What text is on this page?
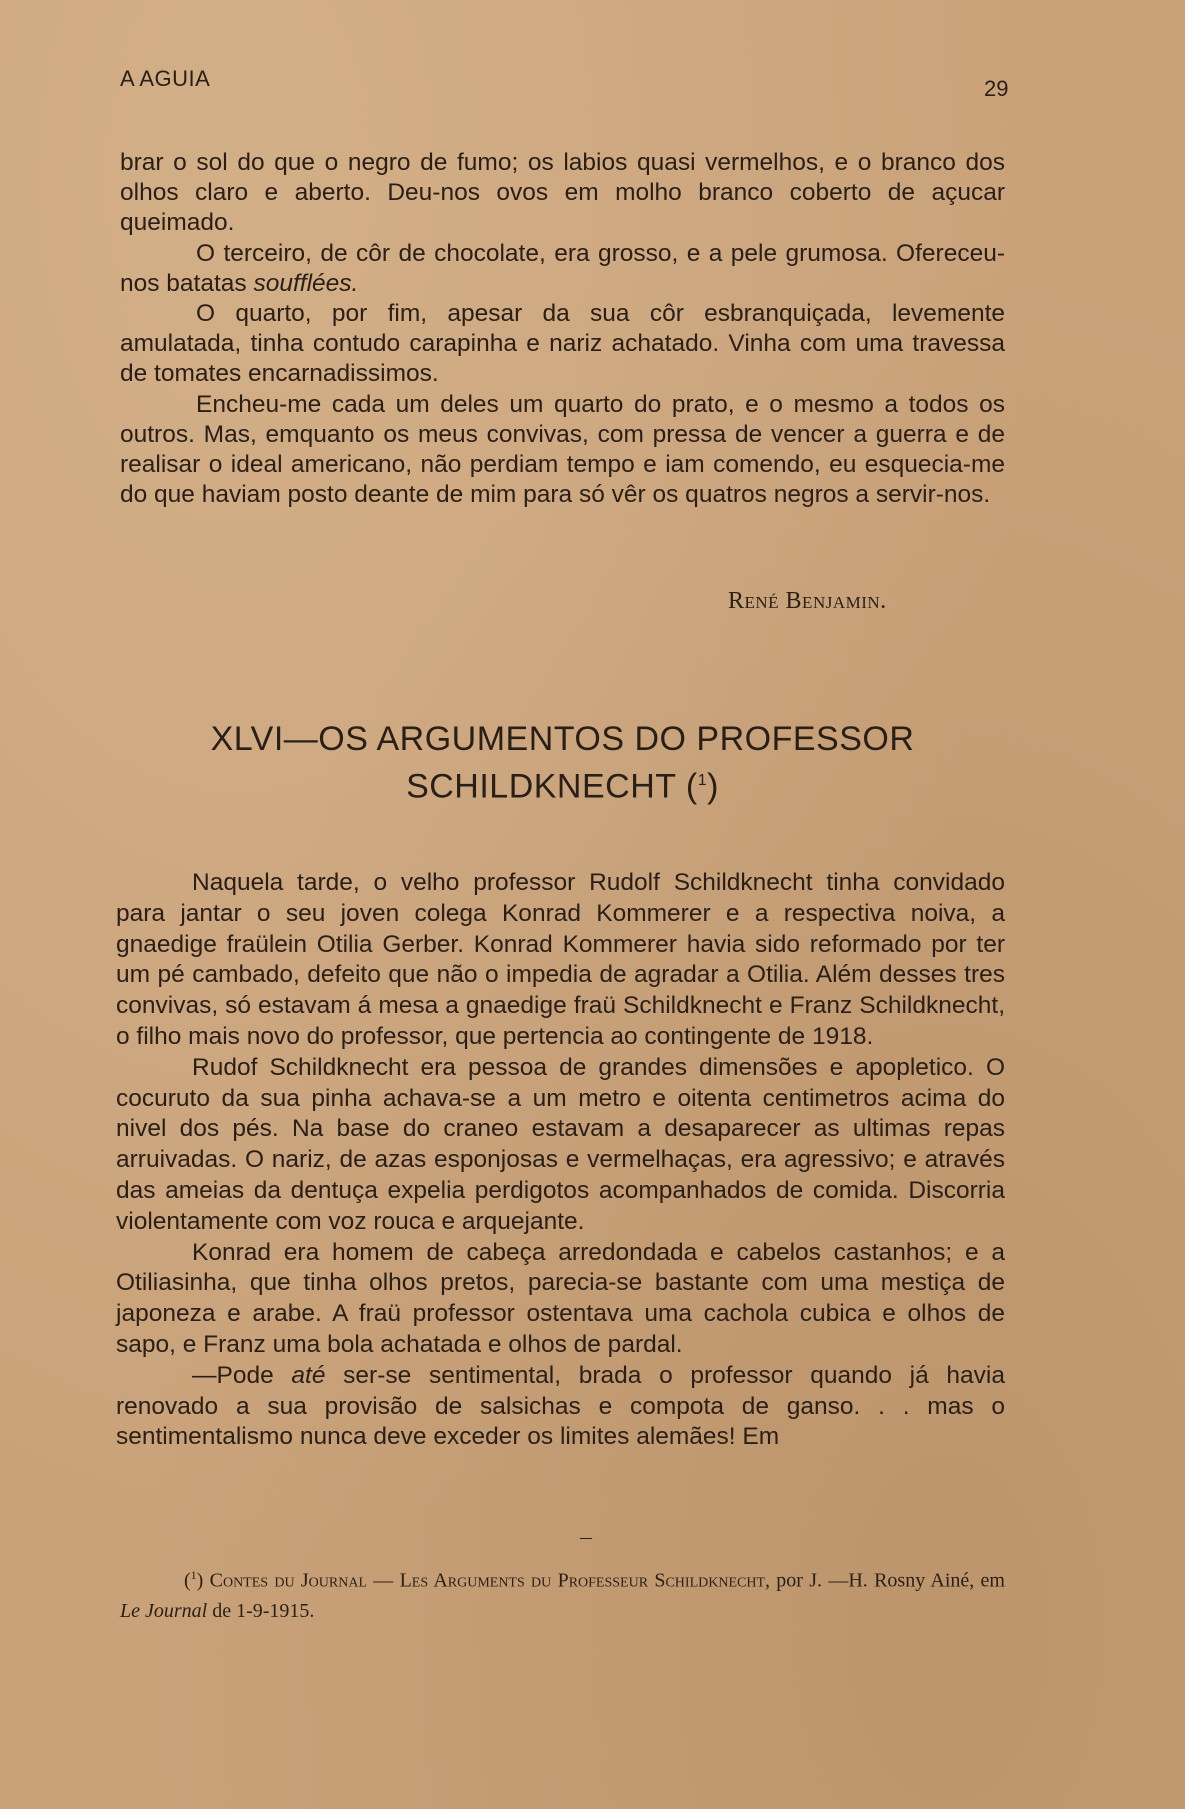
A AGUIA	29

brar o sol do que o negro de fumo; os labios quasi vermelhos, e o branco dos olhos claro e aberto. Deu-nos ovos em molho branco coberto de açucar queimado.

O terceiro, de côr de chocolate, era grosso, e a pele grumosa. Ofereceu-nos batatas soufflées.

O quarto, por fim, apesar da sua côr esbranquiçada, levemente amulatada, tinha contudo carapinha e nariz achatado. Vinha com uma travessa de tomates encarnadissimos.

Encheu-me cada um deles um quarto do prato, e o mesmo a todos os outros. Mas, emquanto os meus convivas, com pressa de vencer a guerra e de realisar o ideal americano, não perdiam tempo e iam comendo, eu esquecia-me do que haviam posto deante de mim para só vêr os quatros negros a servir-nos.

René Benjamin.
XLVI—OS ARGUMENTOS DO PROFESSOR
SCHILDKNECHT ($^1$)

Naquela tarde, o velho professor Rudolf Schildknecht tinha convidado para jantar o seu joven colega Konrad Kommerer e a respectiva noiva, a gnaedige fraülein Otilia Gerber. Konrad Kommerer havia sido reformado por ter um pé cambado, defeito que não o impedia de agradar a Otilia. Além desses tres convivas, só estavam á mesa a gnaedige fraü Schildknecht e Franz Schildknecht, o filho mais novo do professor, que pertencia ao contingente de 1918.

Rudof Schildknecht era pessoa de grandes dimensões e apopletico. O cocuruto da sua pinha achava-se a um metro e oitenta centimetros acima do nivel dos pés. Na base do craneo estavam a desaparecer as ultimas repas arruivadas. O nariz, de azas esponjosas e vermelhaças, era agressivo; e através das ameias da dentuça expelia perdigotos acompanhados de comida. Discorria violentamente com voz rouca e arquejante.

Konrad era homem de cabeça arredondada e cabelos castanhos; e a Otiliasinha, que tinha olhos pretos, parecia-se bastante com uma mestiça de japoneza e arabe. A fraü professor ostentava uma cachola cubica e olhos de sapo, e Franz uma bola achatada e olhos de pardal.

—Pode até ser-se sentimental, brada o professor quando já havia renovado a sua provisão de salsichas e compota de ganso. . . mas o sentimentalismo nunca deve exceder os limites alemães! Em

($^1$) Contes du Journal — Les Arguments du Professeur Schildknecht, por J. —H. Rosny Ainé, em Le Journal de 1-9-1915.
